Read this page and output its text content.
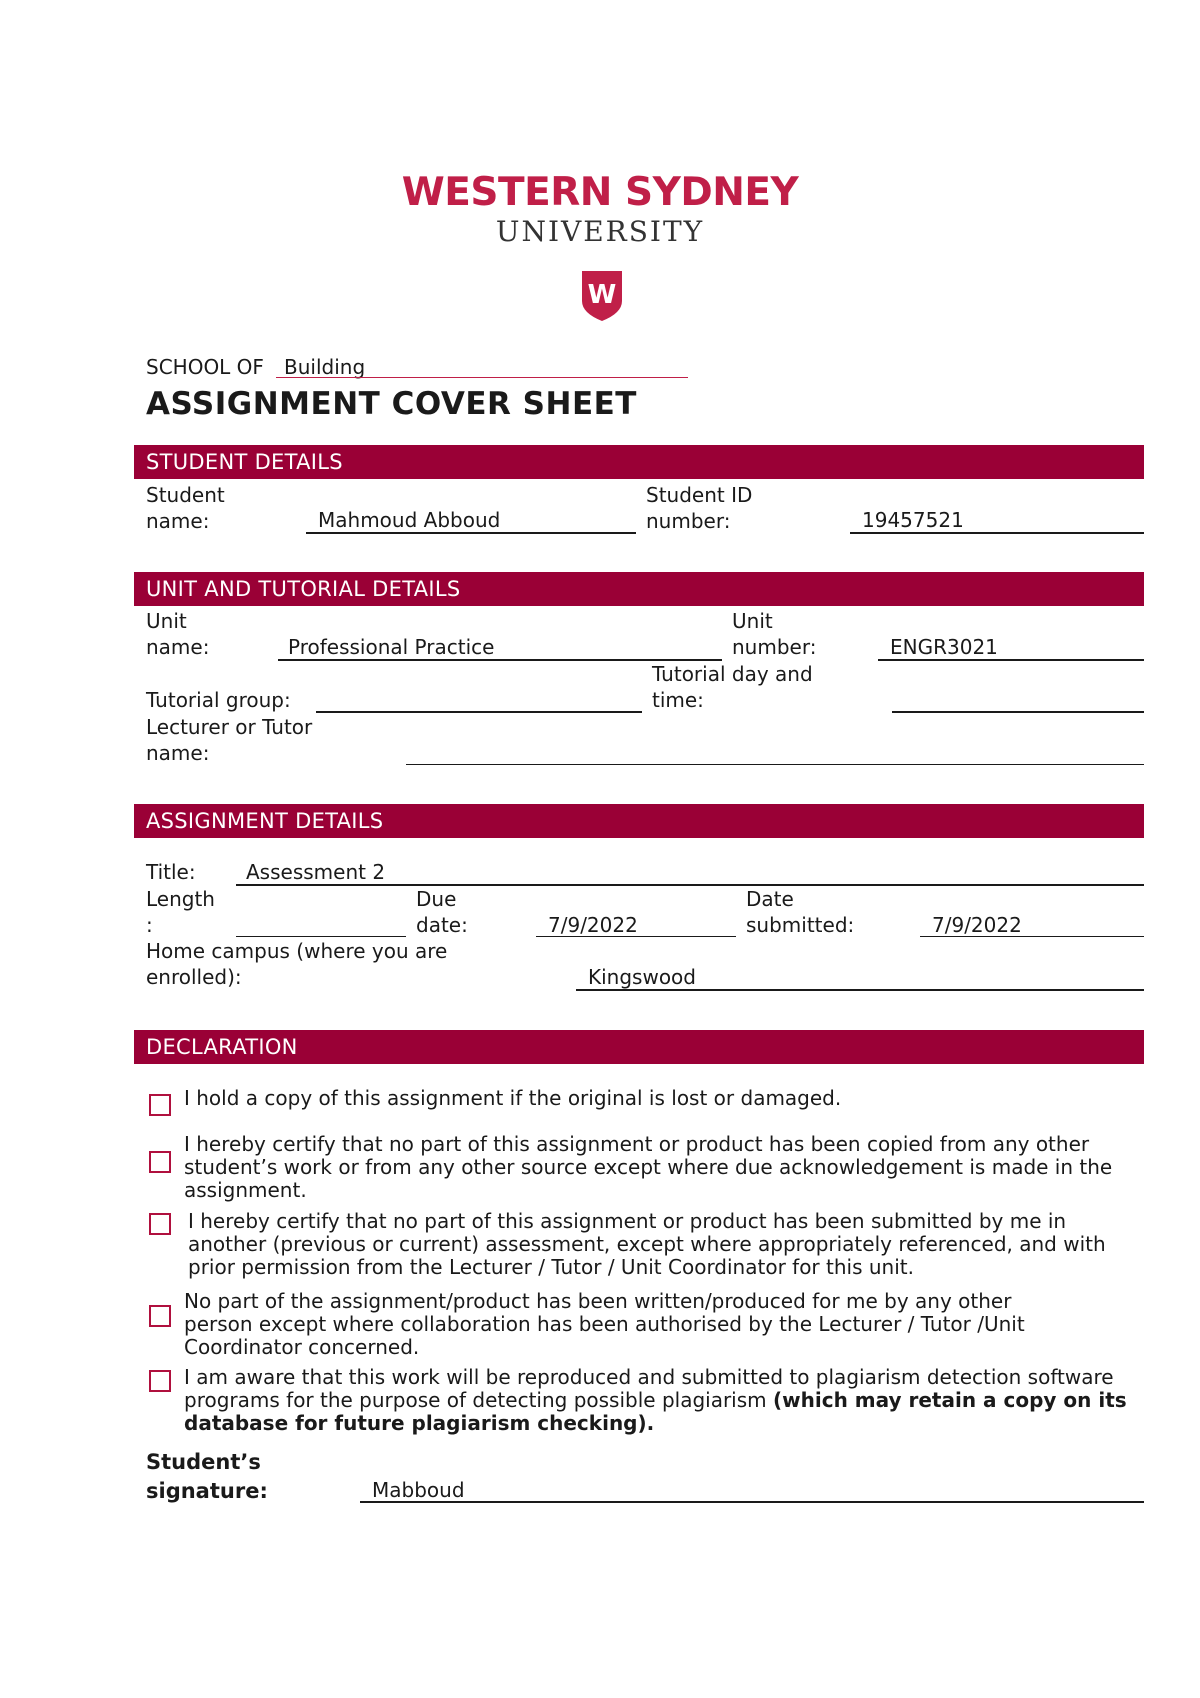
WESTERN SYDNEY
UNIVERSITY
W
SCHOOL OF Building
ASSIGNMENT COVER SHEET
STUDENT DETAILS
Student
name:	Mahmoud Abboud
Student ID
number:	19457521
UNIT AND TUTORIAL DETAILS
Unit
name:	Professional Practice
Unit
number:	ENGR3021
Tutorial group:
Tutorial day and
time:
Lecturer or Tutor
name:
ASSIGNMENT DETAILS
Title:	Assessment 2
Length
:
Due
date:	7/9/2022
Date
submitted:	7/9/2022
Home campus (where you are
enrolled):	Kingswood
DECLARATION
I hold a copy of this assignment if the original is lost or damaged.
I hereby certify that no part of this assignment or product has been copied from any other student’s work or from any other source except where due acknowledgement is made in the assignment.
I hereby certify that no part of this assignment or product has been submitted by me in another (previous or current) assessment, except where appropriately referenced, and with prior permission from the Lecturer / Tutor / Unit Coordinator for this unit.
No part of the assignment/product has been written/produced for me by any other person except where collaboration has been authorised by the Lecturer / Tutor /Unit Coordinator concerned.
I am aware that this work will be reproduced and submitted to plagiarism detection software programs for the purpose of detecting possible plagiarism (which may retain a copy on its database for future plagiarism checking).
Student’s
signature:	Mabboud
